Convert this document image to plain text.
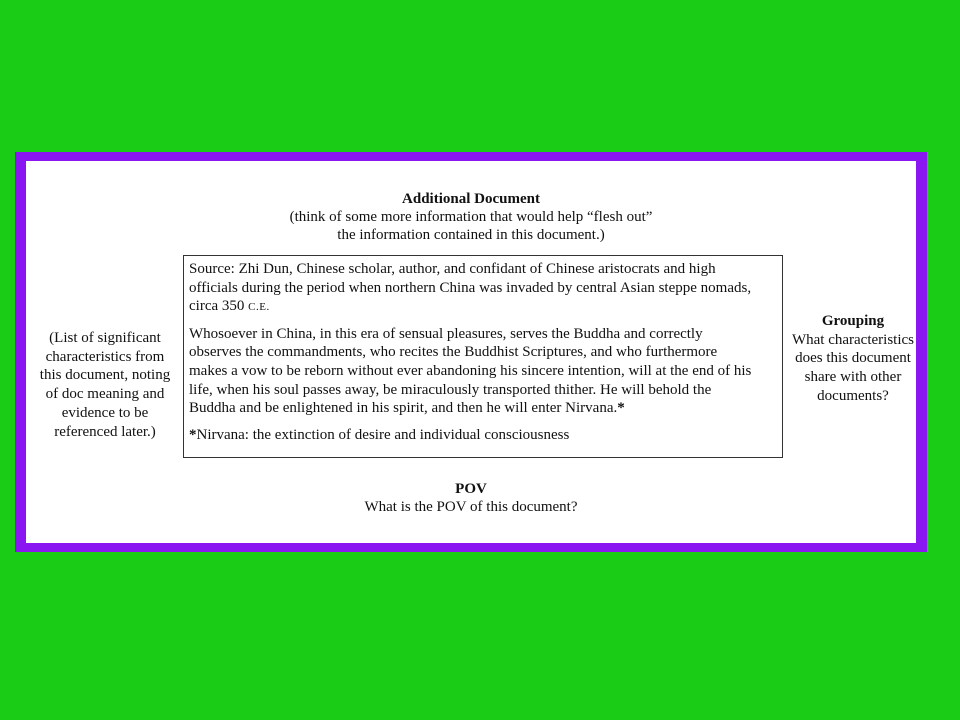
Additional Document
(think of some more information that would help “flesh out”
the information contained in this document.)
(List of significant
characteristics from
this document, noting
of doc meaning and
evidence to be
referenced later.)

Source: Zhi Dun, Chinese scholar, author, and confidant of Chinese aristocrats and high
officials during the period when northern China was invaded by central Asian steppe nomads,
circa 350 C.E.

Whosoever in China, in this era of sensual pleasures, serves the Buddha and correctly
observes the commandments, who recites the Buddhist Scriptures, and who furthermore
makes a vow to be reborn without ever abandoning his sincere intention, will at the end of his
life, when his soul passes away, be miraculously transported thither. He will behold the
Buddha and be enlightened in his spirit, and then he will enter Nirvana.*

*Nirvana: the extinction of desire and individual consciousness

Grouping
What characteristics
does this document
share with other
documents?
POV
What is the POV of this document?
